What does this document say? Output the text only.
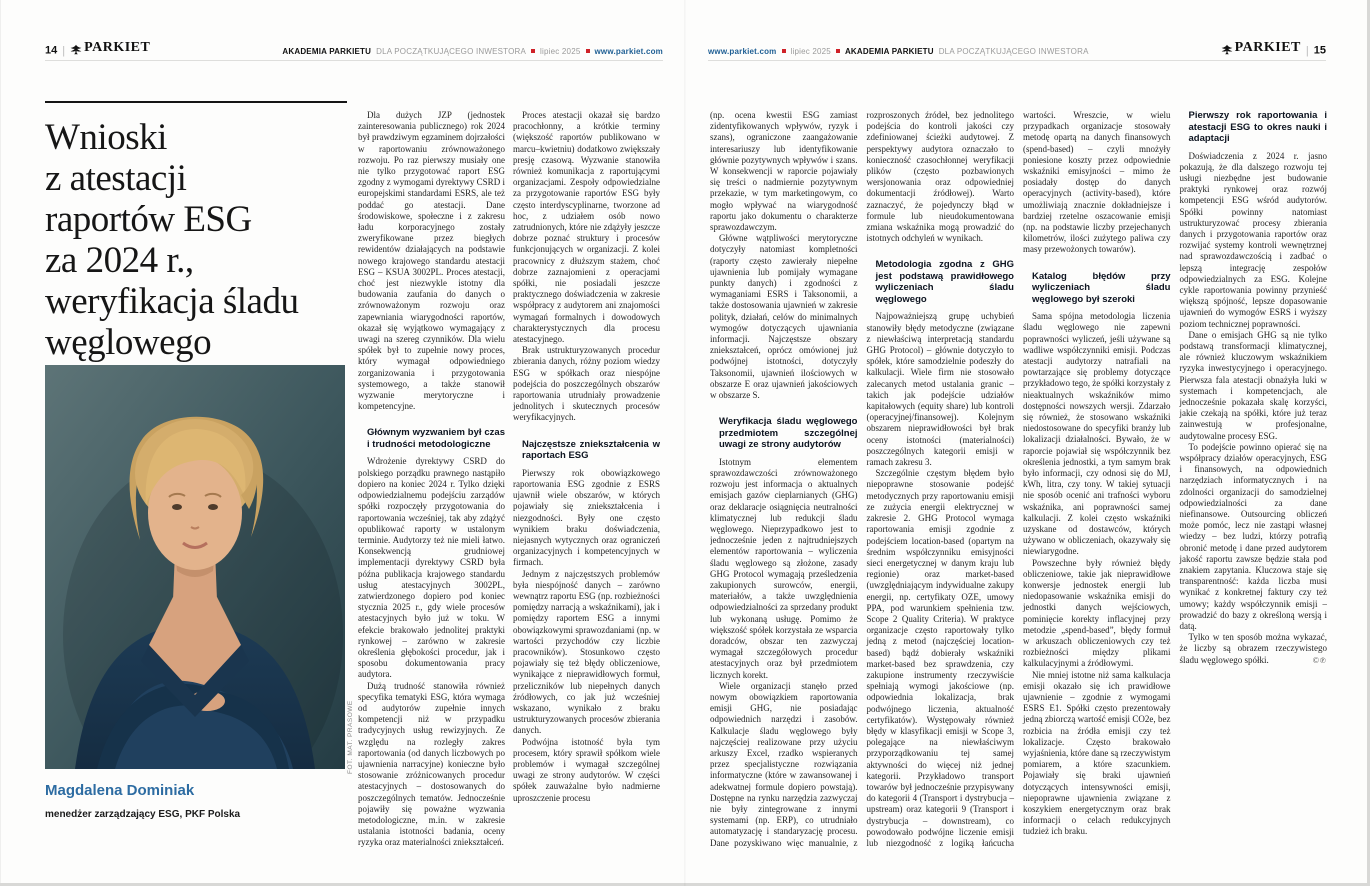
14 | PARKIET	AKADEMIA PARKIETU DLA POCZĄTKUJĄCEGO INWESTORA lipiec 2025 www.parkiet.com	www.parkiet.com lipiec 2025 AKADEMIA PARKIETU DLA POCZĄTKUJĄCEGO INWESTORA	PARKIET | 15
Wnioski
z atestacji
raportów ESG
za 2024 r.,
weryfikacja śladu
węglowego
FOT. MAT. PRASOWE

Magdalena Dominiak

menedżer zarządzający ESG, PKF Polska

Dla dużych JZP (jednostek zainteresowania publicznego) rok 2024 był prawdziwym egzaminem dojrzałości w raportowaniu zrównoważonego rozwoju. Po raz pierwszy musiały one nie tylko przygotować raport ESG zgodny z wymogami dyrektywy CSRD i europejskimi standardami ESRS, ale też poddać go atestacji. Dane środowiskowe, społeczne i z zakresu ładu korporacyjnego zostały zweryfikowane przez biegłych rewidentów działających na podstawie nowego krajowego standardu atestacji ESG – KSUA 3002PL. Proces atestacji, choć jest niezwykle istotny dla budowania zaufania do danych o zrównoważonym rozwoju oraz zapewniania wiarygodności raportów, okazał się wyjątkowo wymagający z uwagi na szereg czynników. Dla wielu spółek był to zupełnie nowy proces, który wymagał odpowiedniego zorganizowania i przygotowania systemowego, a także stanowił wyzwanie merytoryczne i kompetencyjne.

Głównym wyzwaniem był czas i trudności metodologiczne

Wdrożenie dyrektywy CSRD do polskiego porządku prawnego nastąpiło dopiero na koniec 2024 r. Tylko dzięki odpowiedzialnemu podejściu zarządów spółki rozpoczęły przygotowania do raportowania wcześniej, tak aby zdążyć opublikować raporty w ustalonym terminie. Audytorzy też nie mieli łatwo. Konsekwencją grudniowej implementacji dyrektywy CSRD była późna publikacja krajowego standardu usług atestacyjnych 3002PL, zatwierdzonego dopiero pod koniec stycznia 2025 r., gdy wiele procesów atestacyjnych było już w toku. W efekcie brakowało jednolitej praktyki rynkowej – zarówno w zakresie określenia głębokości procedur, jak i sposobu dokumentowania pracy audytora.

Dużą trudność stanowiła również specyfika tematyki ESG, która wymaga od audytorów zupełnie innych kompetencji niż w przypadku tradycyjnych usług rewizyjnych. Ze względu na rozległy zakres raportowania (od danych liczbowych po ujawnienia narracyjne) konieczne było stosowanie zróżnicowanych procedur atestacyjnych – dostosowanych do poszczególnych tematów. Jednocześnie pojawiły się poważne wyzwania metodologiczne, m.in. w zakresie ustalania istotności badania, oceny ryzyka oraz materialności zniekształceń.

Proces atestacji okazał się bardzo pracochłonny, a krótkie terminy (większość raportów publikowano w marcu–kwietniu) dodatkowo zwiększały presję czasową. Wyzwanie stanowiła również komunikacja z raportującymi organizacjami. Zespoły odpowiedzialne za przygotowanie raportów ESG były często interdyscyplinarne, tworzone ad hoc, z udziałem osób nowo zatrudnionych, które nie zdążyły jeszcze dobrze poznać struktury i procesów funkcjonujących w organizacji. Z kolei pracownicy z dłuższym stażem, choć dobrze zaznajomieni z operacjami spółki, nie posiadali jeszcze praktycznego doświadczenia w zakresie współpracy z audytorem ani znajomości wymagań formalnych i dowodowych charakterystycznych dla procesu atestacyjnego.

Brak ustrukturyzowanych procedur zbierania danych, różny poziom wiedzy ESG w spółkach oraz niespójne podejścia do poszczególnych obszarów raportowania utrudniały prowadzenie jednolitych i skutecznych procesów weryfikacyjnych.

Najczęstsze zniekształcenia w raportach ESG

Pierwszy rok obowiązkowego raportowania ESG zgodnie z ESRS ujawnił wiele obszarów, w których pojawiały się zniekształcenia i niezgodności. Były one często wynikiem braku doświadczenia, niejasnych wytycznych oraz ograniczeń organizacyjnych i kompetencyjnych w firmach.

Jednym z najczęstszych problemów była niespójność danych – zarówno wewnątrz raportu ESG (np. rozbieżności pomiędzy narracją a wskaźnikami), jak i pomiędzy raportem ESG a innymi obowiązkowymi sprawozdaniami (np. w wartości przychodów czy liczbie pracowników). Stosunkowo często pojawiały się też błędy obliczeniowe, wynikające z nieprawidłowych formuł, przeliczników lub niepełnych danych źródłowych, co jak już wcześniej wskazano, wynikało z braku ustrukturyzowanych procesów zbierania danych.

Podwójna istotność była tym procesem, który sprawił spółkom wiele problemów i wymagał szczególnej uwagi ze strony audytorów. W części spółek zauważalne było nadmierne uproszczenie procesu

(np. ocena kwestii ESG zamiast zidentyfikowanych wpływów, ryzyk i szans), ograniczone zaangażowanie interesariuszy lub identyfikowanie głównie pozytywnych wpływów i szans. W konsekwencji w raporcie pojawiały się treści o nadmiernie pozytywnym przekazie, w tym marketingowym, co mogło wpływać na wiarygodność raportu jako dokumentu o charakterze sprawozdawczym.

Główne wątpliwości merytoryczne dotyczyły natomiast kompletności (raporty często zawierały niepełne ujawnienia lub pomijały wymagane punkty danych) i zgodności z wymaganiami ESRS i Taksonomii, a także dostosowania ujawnień w zakresie polityk, działań, celów do minimalnych wymogów dotyczących ujawniania informacji. Najczęstsze obszary zniekształceń, oprócz omówionej już podwójnej istotności, dotyczyły Taksonomii, ujawnień ilościowych w obszarze E oraz ujawnień jakościowych w obszarze S.

Weryfikacja śladu węglowego przedmiotem szczególnej uwagi ze strony audytorów

Istotnym elementem sprawozdawczości zrównoważonego rozwoju jest informacja o aktualnych emisjach gazów cieplarnianych (GHG) oraz deklaracje osiągnięcia neutralności klimatycznej lub redukcji śladu węglowego. Nieprzypadkowo jest to jednocześnie jeden z najtrudniejszych elementów raportowania – wyliczenia śladu węglowego są złożone, zasady GHG Protocol wymagają prześledzenia zakupionych surowców, energii, materiałów, a także uwzględnienia odpowiedzialności za sprzedany produkt lub wykonaną usługę. Pomimo że większość spółek korzystała ze wsparcia doradców, obszar ten zazwyczaj wymagał szczegółowych procedur atestacyjnych oraz był przedmiotem licznych korekt.

Wiele organizacji stanęło przed nowym obowiązkiem raportowania emisji GHG, nie posiadając odpowiednich narzędzi i zasobów. Kalkulacje śladu węglowego były najczęściej realizowane przy użyciu arkuszy Excel, rzadko wspieranych przez specjalistyczne rozwiązania informatyczne (które w zawansowanej i adekwatnej formule dopiero powstają). Dostępne na rynku narzędzia zazwyczaj nie były zintegrowane z innymi systemami (np. ERP), co utrudniało automatyzację i standaryzację procesu. Dane pozyskiwano więc manualnie, z rozproszonych źródeł, bez jednolitego podejścia do kontroli jakości czy zdefiniowanej ścieżki audytowej. Z perspektywy audytora oznaczało to konieczność czasochłonnej weryfikacji plików (często pozbawionych wersjonowania oraz odpowiedniej dokumentacji źródłowej). Warto zaznaczyć, że pojedynczy błąd w formule lub nieudokumentowana zmiana wskaźnika mogą prowadzić do istotnych odchyleń w wynikach.

Metodologia zgodna z GHG jest podstawą prawidłowego wyliczeniach śladu węglowego

Najpoważniejszą grupę uchybień stanowiły błędy metodyczne (związane z niewłaściwą interpretacją standardu GHG Protocol) – głównie dotyczyło to spółek, które samodzielnie podeszły do kalkulacji. Wiele firm nie stosowało zalecanych metod ustalania granic – takich jak podejście udziałów kapitałowych (equity share) lub kontroli (operacyjnej/finansowej). Kolejnym obszarem nieprawidłowości był brak oceny istotności (materialności) poszczególnych kategorii emisji w ramach zakresu 3.

Szczególnie częstym błędem było niepoprawne stosowanie podejść metodycznych przy raportowaniu emisji ze zużycia energii elektrycznej w zakresie 2. GHG Protocol wymaga raportowania emisji zgodnie z podejściem location-based (opartym na średnim współczynniku emisyjności sieci energetycznej w danym kraju lub regionie) oraz market-based (uwzględniającym indywidualne zakupy energii, np. certyfikaty OZE, umowy PPA, pod warunkiem spełnienia tzw. Scope 2 Quality Criteria). W praktyce organizacje często raportowały tylko jedną z metod (najczęściej location-based) bądź dobierały wskaźniki market-based bez sprawdzenia, czy zakupione instrumenty rzeczywiście spełniają wymogi jakościowe (np. odpowiednia lokalizacja, brak podwójnego liczenia, aktualność certyfikatów). Występowały również błędy w klasyfikacji emisji w Scope 3, polegające na niewłaściwym przyporządkowaniu tej samej aktywności do więcej niż jednej kategorii. Przykładowo transport towarów był jednocześnie przypisywany do kategorii 4 (Transport i dystrybucja – upstream) oraz kategorii 9 (Transport i dystrybucja – downstream), co powodowało podwójne liczenie emisji lub niezgodność z logiką łańcucha wartości. Wreszcie, w wielu przypadkach organizacje stosowały metodę opartą na danych finansowych (spend-based) – czyli mnożyły poniesione koszty przez odpowiednie wskaźniki emisyjności – mimo że posiadały dostęp do danych operacyjnych (activity-based), które umożliwiają znacznie dokładniejsze i bardziej rzetelne oszacowanie emisji (np. na podstawie liczby przejechanych kilometrów, ilości zużytego paliwa czy masy przewożonych towarów).

Katalog błędów przy wyliczeniach śladu węglowego był szeroki

Sama spójna metodologia liczenia śladu węglowego nie zapewni poprawności wyliczeń, jeśli używane są wadliwe współczynniki emisji. Podczas atestacji audytorzy natrafiali na powtarzające się problemy dotyczące przykładowo tego, że spółki korzystały z nieaktualnych wskaźników mimo dostępności nowszych wersji. Zdarzało się również, że stosowano wskaźniki niedostosowane do specyfiki branży lub lokalizacji działalności. Bywało, że w raporcie pojawiał się współczynnik bez określenia jednostki, a tym samym brak było informacji, czy odnosi się do MJ, kWh, litra, czy tony. W takiej sytuacji nie sposób ocenić ani trafności wyboru wskaźnika, ani poprawności samej kalkulacji. Z kolei często wskaźniki uzyskane od dostawców, których używano w obliczeniach, okazywały się niewiarygodne.

Powszechne były również błędy obliczeniowe, takie jak nieprawidłowe konwersje jednostek energii lub niedopasowanie wskaźnika emisji do jednostki danych wejściowych, pominięcie korekty inflacyjnej przy metodzie „spend-based”, błędy formuł w arkuszach obliczeniowych czy też rozbieżności między plikami kalkulacyjnymi a źródłowymi.

Nie mniej istotne niż sama kalkulacja emisji okazało się ich prawidłowe ujawnienie – zgodnie z wymogami ESRS E1. Spółki często prezentowały jedną zbiorczą wartość emisji CO2e, bez rozbicia na źródła emisji czy też lokalizacje. Często brakowało wyjaśnienia, które dane są rzeczywistym pomiarem, a które szacunkiem. Pojawiały się braki ujawnień dotyczących intensywności emisji, niepoprawne ujawnienia związane z koszykiem energetycznym oraz brak informacji o celach redukcyjnych tudzież ich braku.

Pierwszy rok raportowania i atestacji ESG to okres nauki i adaptacji

Doświadczenia z 2024 r. jasno pokazują, że dla dalszego rozwoju tej usługi niezbędne jest budowanie praktyki rynkowej oraz rozwój kompetencji ESG wśród audytorów. Spółki powinny natomiast ustrukturyzować procesy zbierania danych i przygotowania raportów oraz rozwijać systemy kontroli wewnętrznej nad sprawozdawczością i zadbać o lepszą integrację zespołów odpowiedzialnych za ESG. Kolejne cykle raportowania powinny przynieść większą spójność, lepsze dopasowanie ujawnień do wymogów ESRS i wyższy poziom technicznej poprawności.

Dane o emisjach GHG są nie tylko podstawą transformacji klimatycznej, ale również kluczowym wskaźnikiem ryzyka inwestycyjnego i operacyjnego. Pierwsza fala atestacji obnażyła luki w systemach i kompetencjach, ale jednocześnie pokazała skalę korzyści, jakie czekają na spółki, które już teraz zainwestują w profesjonalne, audytowalne procesy ESG.

To podejście powinno opierać się na współpracy działów operacyjnych, ESG i finansowych, na odpowiednich narzędziach informatycznych i na zdolności organizacji do samodzielnej odpowiedzialności za dane niefinansowe. Outsourcing obliczeń może pomóc, lecz nie zastąpi własnej wiedzy – bez ludzi, którzy potrafią obronić metodę i dane przed audytorem jakość raportu zawsze będzie stała pod znakiem zapytania. Kluczowa staje się transparentność: każda liczba musi wynikać z konkretnej faktury czy też umowy; każdy współczynnik emisji – prowadzić do bazy z określoną wersją i datą.

Tylko w ten sposób można wykazać, że liczby są obrazem rzeczywistego śladu węglowego spółki.	©℗
